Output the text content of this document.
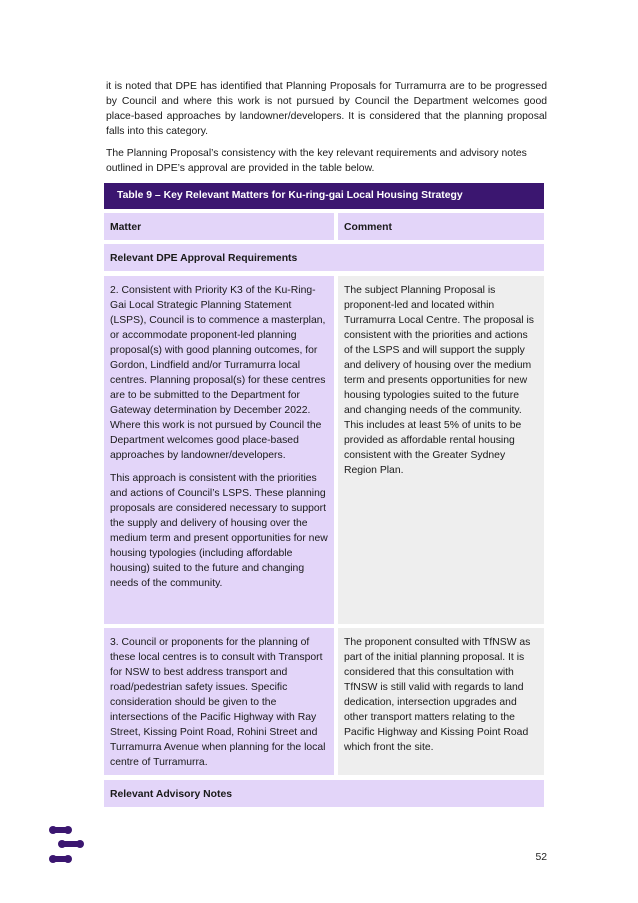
it is noted that DPE has identified that Planning Proposals for Turramurra are to be progressed by Council and where this work is not pursued by Council the Department welcomes good place-based approaches by landowner/developers. It is considered that the planning proposal falls into this category.

The Planning Proposal’s consistency with the key relevant requirements and advisory notes outlined in DPE’s approval are provided in the table below.

Table 9 – Key Relevant Matters for Ku-ring-gai Local Housing Strategy
Matter	Comment
Relevant DPE Approval Requirements

2. Consistent with Priority K3 of the Ku-Ring-Gai Local Strategic Planning Statement (LSPS), Council is to commence a masterplan, or accommodate proponent-led planning proposal(s) with good planning outcomes, for Gordon, Lindfield and/or Turramurra local centres. Planning proposal(s) for these centres are to be submitted to the Department for Gateway determination by December 2022. Where this work is not pursued by Council the Department welcomes good place-based approaches by landowner/developers.

This approach is consistent with the priorities and actions of Council’s LSPS. These planning proposals are considered necessary to support the supply and delivery of housing over the medium term and present opportunities for new housing typologies (including affordable housing) suited to the future and changing needs of the community.

The subject Planning Proposal is proponent-led and located within Turramurra Local Centre. The proposal is consistent with the priorities and actions of the LSPS and will support the supply and delivery of housing over the medium term and presents opportunities for new housing typologies suited to the future and changing needs of the community. This includes at least 5% of units to be provided as affordable rental housing consistent with the Greater Sydney Region Plan.

3. Council or proponents for the planning of these local centres is to consult with Transport for NSW to best address transport and road/pedestrian safety issues. Specific consideration should be given to the intersections of the Pacific Highway with Ray Street, Kissing Point Road, Rohini Street and Turramurra Avenue when planning for the local centre of Turramurra.

The proponent consulted with TfNSW as part of the initial planning proposal. It is considered that this consultation with TfNSW is still valid with regards to land dedication, intersection upgrades and other transport matters relating to the Pacific Highway and Kissing Point Road which front the site.

Relevant Advisory Notes
52
